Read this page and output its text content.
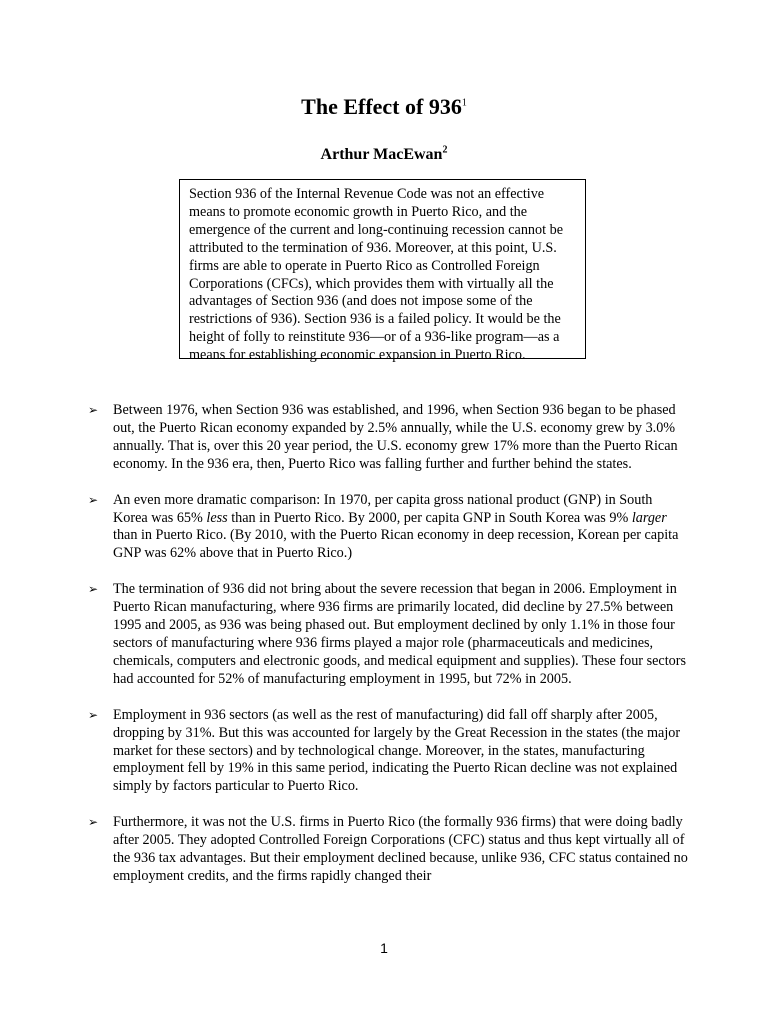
The Effect of $936^1$
Arthur MacEwan$^2$
Section 936 of the Internal Revenue Code was not an effective means to promote economic growth in Puerto Rico, and the emergence of the current and long-continuing recession cannot be attributed to the termination of 936. Moreover, at this point, U.S. firms are able to operate in Puerto Rico as Controlled Foreign Corporations (CFCs), which provides them with virtually all the advantages of Section 936 (and does not impose some of the restrictions of 936). Section 936 is a failed policy. It would be the height of folly to reinstitute 936—or of a 936-like program—as a means for establishing economic expansion in Puerto Rico.
➢ Between 1976, when Section 936 was established, and 1996, when Section 936 began to be phased out, the Puerto Rican economy expanded by 2.5% annually, while the U.S. economy grew by 3.0% annually. That is, over this 20 year period, the U.S. economy grew 17% more than the Puerto Rican economy. In the 936 era, then, Puerto Rico was falling further and further behind the states.
➢ An even more dramatic comparison: In 1970, per capita gross national product (GNP) in South Korea was 65% less than in Puerto Rico. By 2000, per capita GNP in South Korea was 9% larger than in Puerto Rico. (By 2010, with the Puerto Rican economy in deep recession, Korean per capita GNP was 62% above that in Puerto Rico.)
➢ The termination of 936 did not bring about the severe recession that began in 2006. Employment in Puerto Rican manufacturing, where 936 firms are primarily located, did decline by 27.5% between 1995 and 2005, as 936 was being phased out. But employment declined by only 1.1% in those four sectors of manufacturing where 936 firms played a major role (pharmaceuticals and medicines, chemicals, computers and electronic goods, and medical equipment and supplies). These four sectors had accounted for 52% of manufacturing employment in 1995, but 72% in 2005.
➢ Employment in 936 sectors (as well as the rest of manufacturing) did fall off sharply after 2005, dropping by 31%. But this was accounted for largely by the Great Recession in the states (the major market for these sectors) and by technological change. Moreover, in the states, manufacturing employment fell by 19% in this same period, indicating the Puerto Rican decline was not explained simply by factors particular to Puerto Rico.
➢ Furthermore, it was not the U.S. firms in Puerto Rico (the formally 936 firms) that were doing badly after 2005. They adopted Controlled Foreign Corporations (CFC) status and thus kept virtually all of the 936 tax advantages. But their employment declined because, unlike 936, CFC status contained no employment credits, and the firms rapidly changed their
1
